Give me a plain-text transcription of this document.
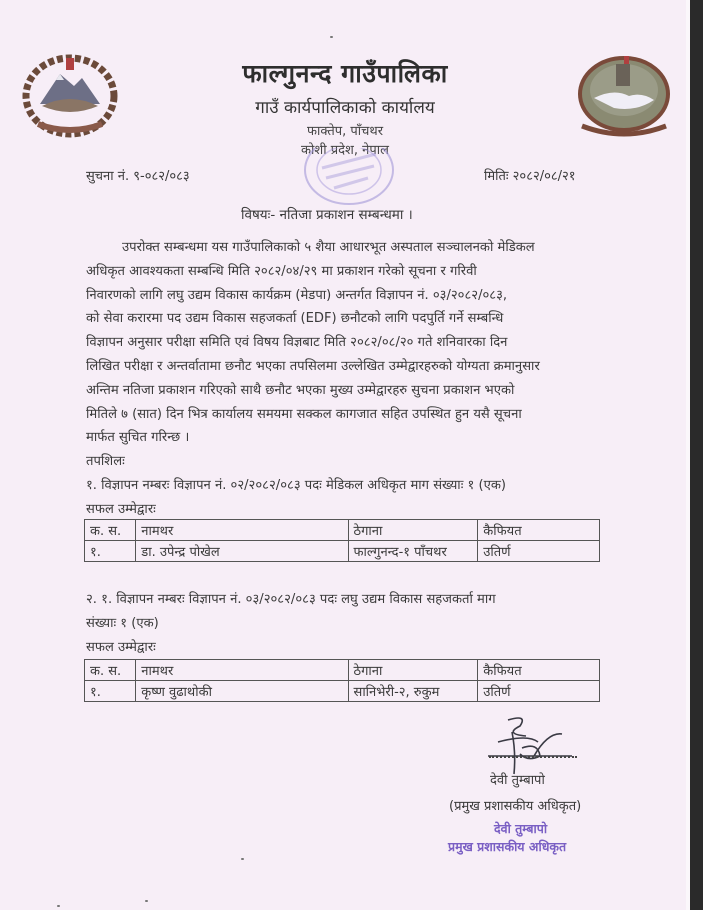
फाल्गुनन्द गाउँपालिका
गाउँ कार्यपालिकाको कार्यालय
फाक्तेप, पाँचथर
कोशी प्रदेश, नेपाल
सुचना नं. ९-०८२/०८३	मितिः २०८२/०८/२१
विषयः- नतिजा प्रकाशन सम्बन्धमा ।

उपरोक्त सम्बन्धमा यस गाउँपालिकाको ५ शैया आधारभूत अस्पताल सञ्चालनको मेडिकल

अधिकृत आवश्यकता सम्बन्धि मिति २०८२/०४/२९ मा प्रकाशन गरेको सूचना र गरिवी

निवारणको लागि लघु उद्यम विकास कार्यक्रम (मेडपा) अन्तर्गत विज्ञापन नं. ०३/२०८२/०८३,

को सेवा करारमा पद उद्यम विकास सहजकर्ता (EDF) छनौटको लागि पदपुर्ति गर्ने सम्बन्धि

विज्ञापन अनुसार परीक्षा समिति एवं विषय विज्ञबाट मिति २०८२/०८/२० गते शनिवारका दिन

लिखित परीक्षा र अन्तर्वातामा छनौट भएका तपसिलमा उल्लेखित उम्मेद्वारहरुको योग्यता क्रमानुसार

अन्तिम नतिजा प्रकाशन गरिएको साथै छनौट भएका मुख्य उम्मेद्वारहरु सुचना प्रकाशन भएको

मितिले ७ (सात) दिन भित्र कार्यालय समयमा सक्कल कागजात सहित उपस्थित हुन यसै सूचना

मार्फत सुचित गरिन्छ ।

तपशिलः

१. विज्ञापन नम्बरः विज्ञापन नं. ०२/२०८२/०८३ पदः मेडिकल अधिकृत माग संख्याः १ (एक)

सफल उम्मेद्वारः

क. स.	नामथर	ठेगाना	कैफियत
१.	डा. उपेन्द्र पोखेल	फाल्गुनन्द-१ पाँचथर	उतिर्ण

२. १. विज्ञापन नम्बरः विज्ञापन नं. ०३/२०८२/०८३ पदः लघु उद्यम विकास सहजकर्ता माग

संख्याः १ (एक)

सफल उम्मेद्वारः

क. स.	नामथर	ठेगाना	कैफियत
१.	कृष्ण वुढाथोकी	सानिभेरी-२, रुकुम	उतिर्ण
देवी तुम्बापो
(प्रमुख प्रशासकीय अधिकृत)
देवी तुम्बापो
प्रमुख प्रशासकीय अधिकृत
